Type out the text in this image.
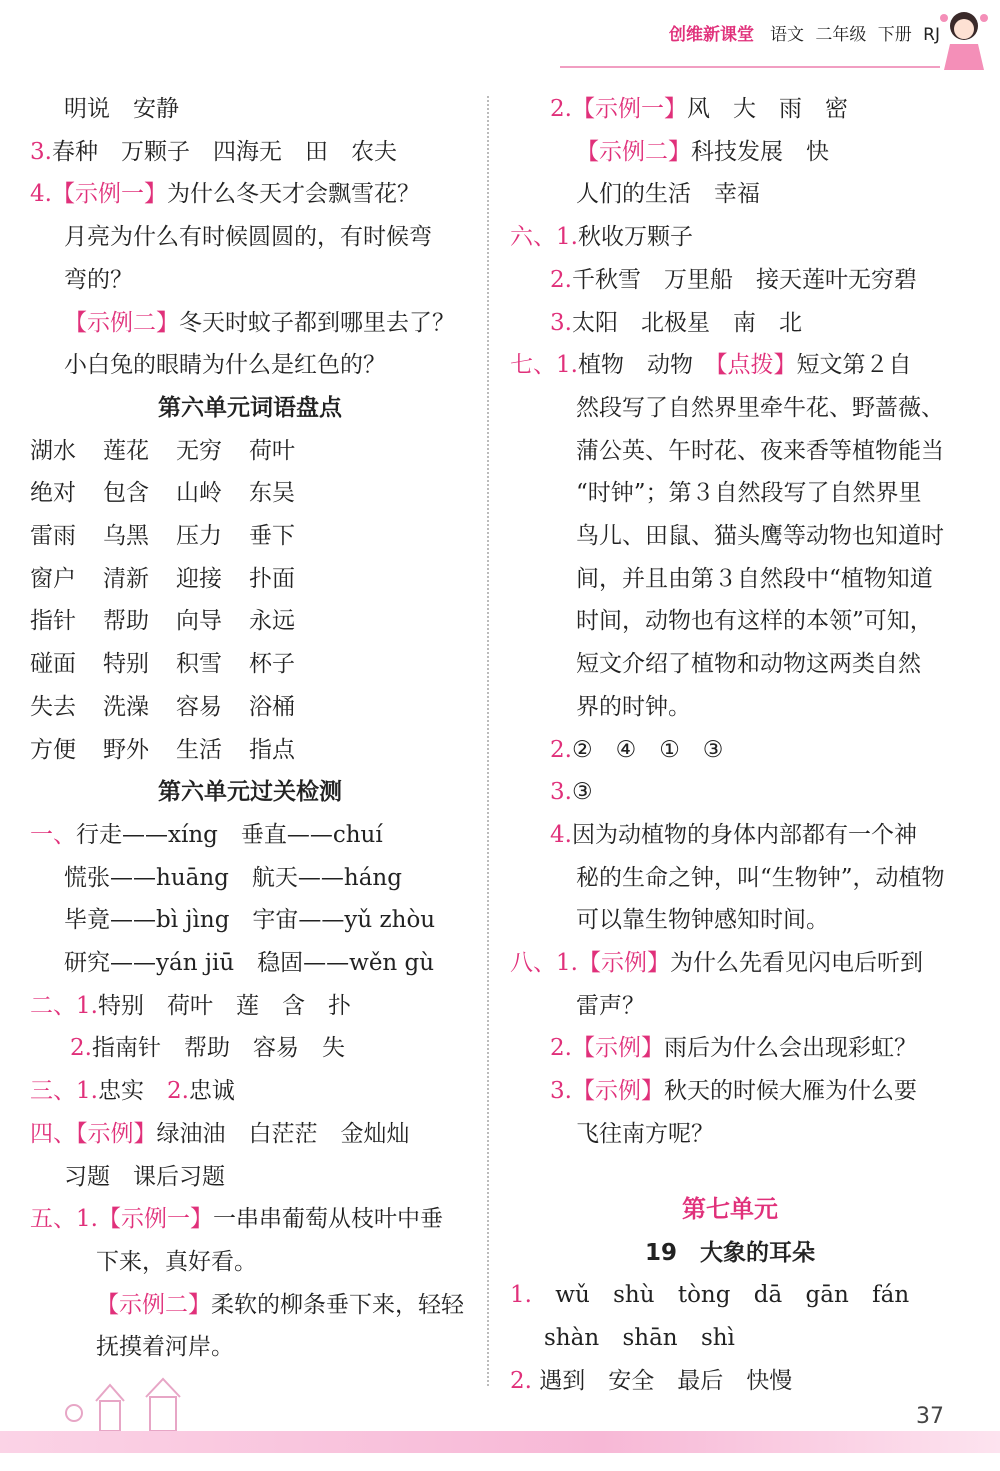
创维新课堂 语文 二年级 下册 RJ
明说　安静
3.春种　万颗子　四海无　田　农夫
4.【示例一】为什么冬天才会飘雪花？
月亮为什么有时候圆圆的，有时候弯
弯的？
【示例二】冬天时蚊子都到哪里去了？
小白兔的眼睛为什么是红色的？
第六单元词语盘点
湖水	莲花	无穷	荷叶
绝对	包含	山岭	东吴
雷雨	乌黑	压力	垂下
窗户	清新	迎接	扑面
指针	帮助	向导	永远
碰面	特别	积雪	杯子
失去	洗澡	容易	浴桶
方便	野外	生活	指点
第六单元过关检测
一、行走——xíng　垂直——chuí
慌张——huāng　航天——háng
毕竟——bì jìng　宇宙——yǔ zhòu
研究——yán jiū　稳固——wěn gù
二、1.特别　荷叶　莲　含　扑
2.指南针　帮助　容易　失
三、1.忠实　2.忠诚
四、【示例】绿油油　白茫茫　金灿灿
习题　课后习题
五、1.【示例一】一串串葡萄从枝叶中垂
下来，真好看。
【示例二】柔软的柳条垂下来，轻轻
抚摸着河岸。
2.【示例一】风　大　雨　密
【示例二】科技发展　快
人们的生活　幸福
六、1.秋收万颗子
2.千秋雪　万里船　接天莲叶无穷碧
3.太阳　北极星　南　北
七、1.植物　动物　【点拨】短文第２自
然段写了自然界里牵牛花、野蔷薇、
蒲公英、午时花、夜来香等植物能当
“时钟”；第３自然段写了自然界里
鸟儿、田鼠、猫头鹰等动物也知道时
间，并且由第３自然段中“植物知道
时间，动物也有这样的本领”可知，
短文介绍了植物和动物这两类自然
界的时钟。
2.②　④　①　③
3.③
4.因为动植物的身体内部都有一个神
秘的生命之钟，叫“生物钟”，动植物
可以靠生物钟感知时间。
八、1.【示例】为什么先看见闪电后听到
雷声？
2.【示例】雨后为什么会出现彩虹？
3.【示例】秋天的时候大雁为什么要
飞往南方呢？
第七单元
19　大象的耳朵
1. wǔ shù tòng dā gān fán
shàn shān shì
2. 遇到　安全　最后　快慢
37
